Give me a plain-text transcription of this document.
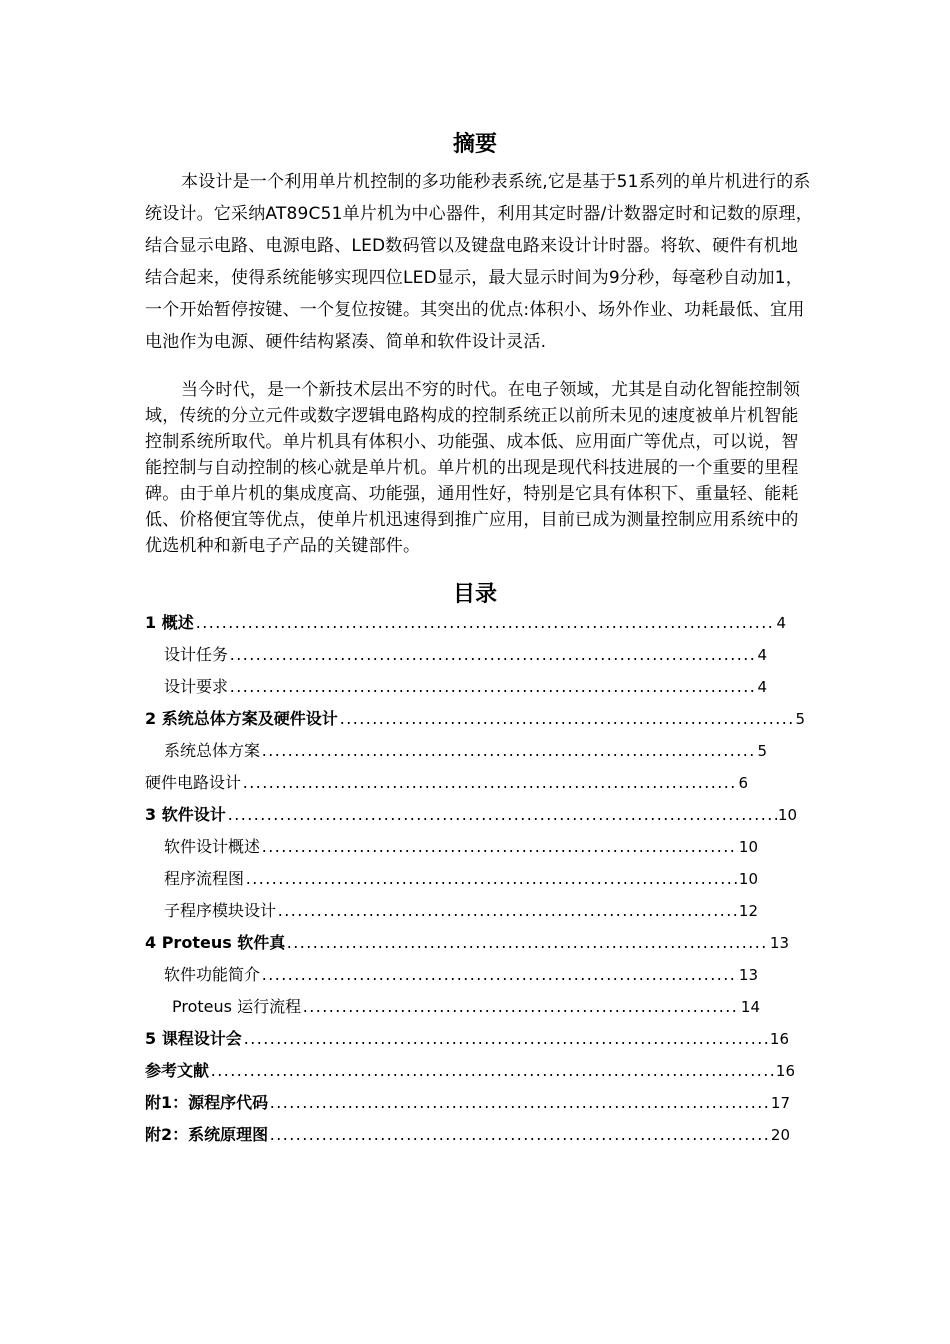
摘要

本设计是一个利用单片机控制的多功能秒表系统,它是基于51系列的单片机进行的系统设计。它采纳AT89C51单片机为中心器件，利用其定时器/计数器定时和记数的原理，结合显示电路、电源电路、LED数码管以及键盘电路来设计计时器。将软、硬件有机地结合起来，使得系统能够实现四位LED显示，最大显示时间为9分秒，每毫秒自动加1，一个开始暂停按键、一个复位按键。其突出的优点:体积小、场外作业、功耗最低、宜用电池作为电源、硬件结构紧凑、简单和软件设计灵活.

当今时代，是一个新技术层出不穷的时代。在电子领域，尤其是自动化智能控制领域，传统的分立元件或数字逻辑电路构成的控制系统正以前所未见的速度被单片机智能控制系统所取代。单片机具有体积小、功能强、成本低、应用面广等优点，可以说，智能控制与自动控制的核心就是单片机。单片机的出现是现代科技进展的一个重要的里程碑。由于单片机的集成度高、功能强，通用性好，特别是它具有体积下、重量轻、能耗低、价格便宜等优点，使单片机迅速得到推广应用，目前已成为测量控制应用系统中的优选机种和新电子产品的关键部件。

目录
1 概述	4
设计任务	4
设计要求	4
2 系统总体方案及硬件设计	5
系统总体方案	5
硬件电路设计	6
3 软件设计	10
软件设计概述	10
程序流程图	10
子程序模块设计	12
4 Proteus 软件真	13
软件功能简介	13
Proteus 运行流程	14
5 课程设计会	16
参考文献	16
附1：源程序代码	17
附2：系统原理图	20
